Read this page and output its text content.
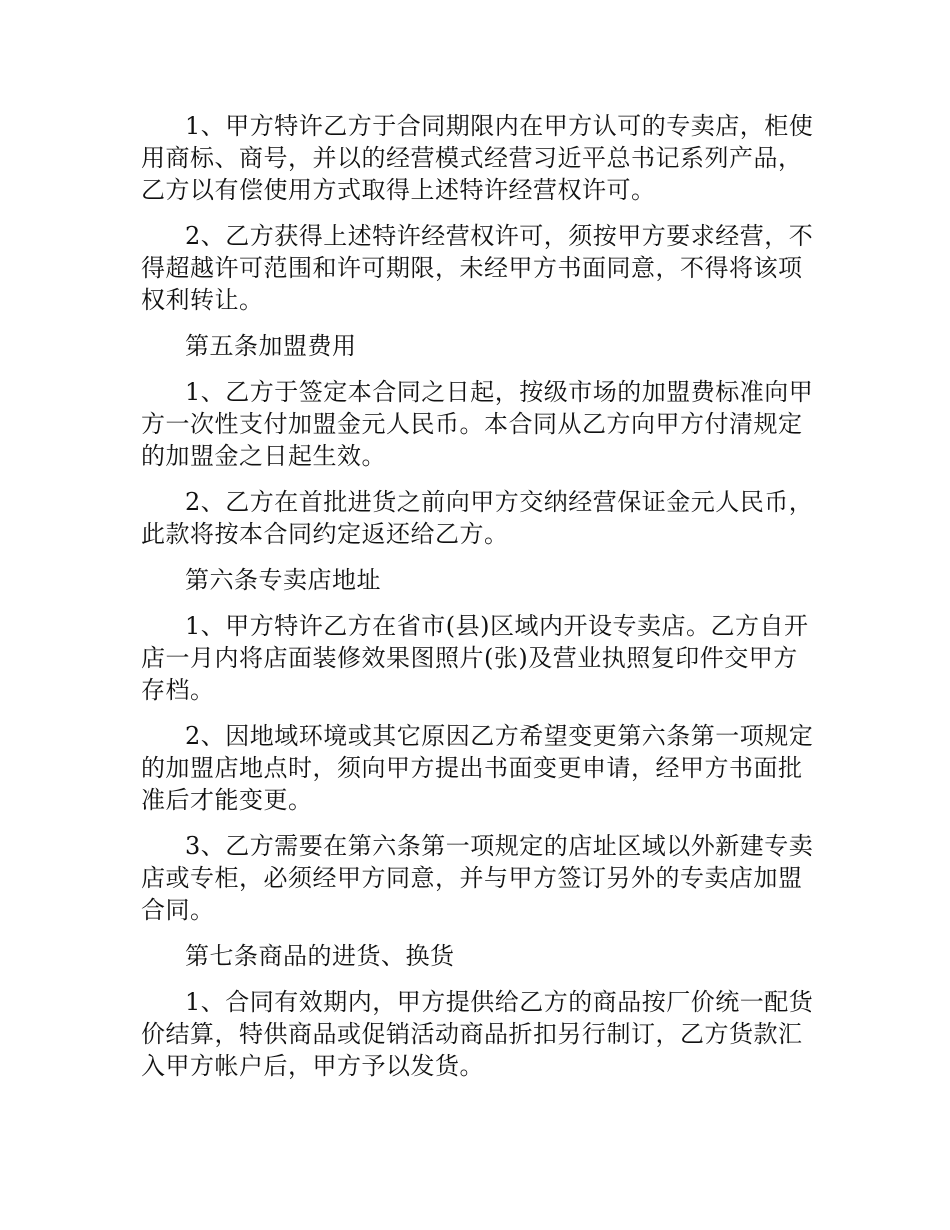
1、甲方特许乙方于合同期限内在甲方认可的专卖店，柜使用商标、商号，并以的经营模式经营习近平总书记系列产品，乙方以有偿使用方式取得上述特许经营权许可。

2、乙方获得上述特许经营权许可，须按甲方要求经营，不得超越许可范围和许可期限，未经甲方书面同意，不得将该项权利转让。

第五条加盟费用

1、乙方于签定本合同之日起，按级市场的加盟费标准向甲方一次性支付加盟金元人民币。本合同从乙方向甲方付清规定的加盟金之日起生效。

2、乙方在首批进货之前向甲方交纳经营保证金元人民币，此款将按本合同约定返还给乙方。

第六条专卖店地址

1、甲方特许乙方在省市(县)区域内开设专卖店。乙方自开店一月内将店面装修效果图照片(张)及营业执照复印件交甲方存档。

2、因地域环境或其它原因乙方希望变更第六条第一项规定的加盟店地点时，须向甲方提出书面变更申请，经甲方书面批准后才能变更。

3、乙方需要在第六条第一项规定的店址区域以外新建专卖店或专柜，必须经甲方同意，并与甲方签订另外的专卖店加盟合同。

第七条商品的进货、换货

1、合同有效期内，甲方提供给乙方的商品按厂价统一配货价结算，特供商品或促销活动商品折扣另行制订，乙方货款汇入甲方帐户后，甲方予以发货。
